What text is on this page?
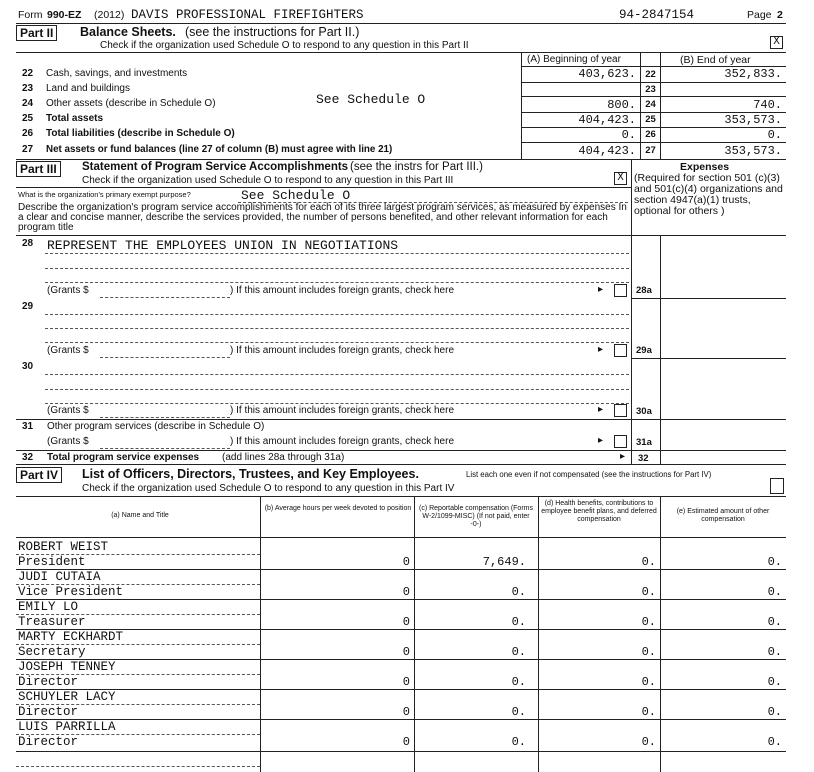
Form 990-EZ (2012) DAVIS PROFESSIONAL FIREFIGHTERS	94-2847154	Page 2
Part II	Balance Sheets. (see the instructions for Part II.)
Check if the organization used Schedule O to respond to any question in this Part II	X
(A) Beginning of year	(B) End of year
See Schedule O
22 Cash, savings, and investments	403,623. 22	352,833.
23 Land and buildings	23
24 Other assets (describe in Schedule O)	800. 24	740.
25 Total assets	404,423. 25	353,573.
26 Total liabilities (describe in Schedule O)	0. 26	0.
27 Net assets or fund balances (line 27 of column (B) must agree with line 21)	404,423. 27	353,573.
Part III	Statement of Program Service Accomplishments (see the instrs for Part III.)
Check if the organization used Schedule O to respond to any question in this Part III	X
Expenses
(Required for section 501 (c)(3) and 501(c)(4) organizations and section 4947(a)(1) trusts, optional for others )
What is the organization's primary exempt purpose?	See Schedule O
Describe the organization's program service accomplishments for each of its three largest program services, as measured by expenses In a clear and concise manner, describe the services provided, the number of persons benefited, and other relevant information for each program title
28 REPRESENT THE EMPLOYEES UNION IN NEGOTIATIONS
(Grants $	) If this amount includes foreign grants, check here	▸	28a
29
(Grants $	) If this amount includes foreign grants, check here	▸	29a
30
(Grants $	) If this amount includes foreign grants, check here	▸	30a
31 Other program services (describe in Schedule O)
(Grants $	) If this amount includes foreign grants, check here	▸	31a
32 Total program service expenses (add lines 28a through 31a)	▸ 32
Part IV	List of Officers, Directors, Trustees, and Key Employees.	List each one even if not compensated (see the instructions for Part IV)
Check if the organization used Schedule O to respond to any question in this Part IV
(a) Name and Title
(b) Average hours per week devoted to position	(c) Reportable compensation (Forms W-2/1099-MISC) (If not paid, enter -0-)
(d) Health benefits, contributions to employee benefit plans, and deferred compensation
(e) Estimated amount of other compensation
ROBERT WEIST
President	0	7,649.	0.	0.
JUDI CUTAIA
Vice President	0	0.	0.	0.
EMILY LO
Treasurer	0	0.	0.	0.
MARTY ECKHARDT
Secretary	0	0.	0.	0.
JOSEPH TENNEY
Director	0	0.	0.	0.
SCHUYLER LACY
Director	0	0.	0.	0.
LUIS PARRILLA
Director	0	0.	0.	0.
